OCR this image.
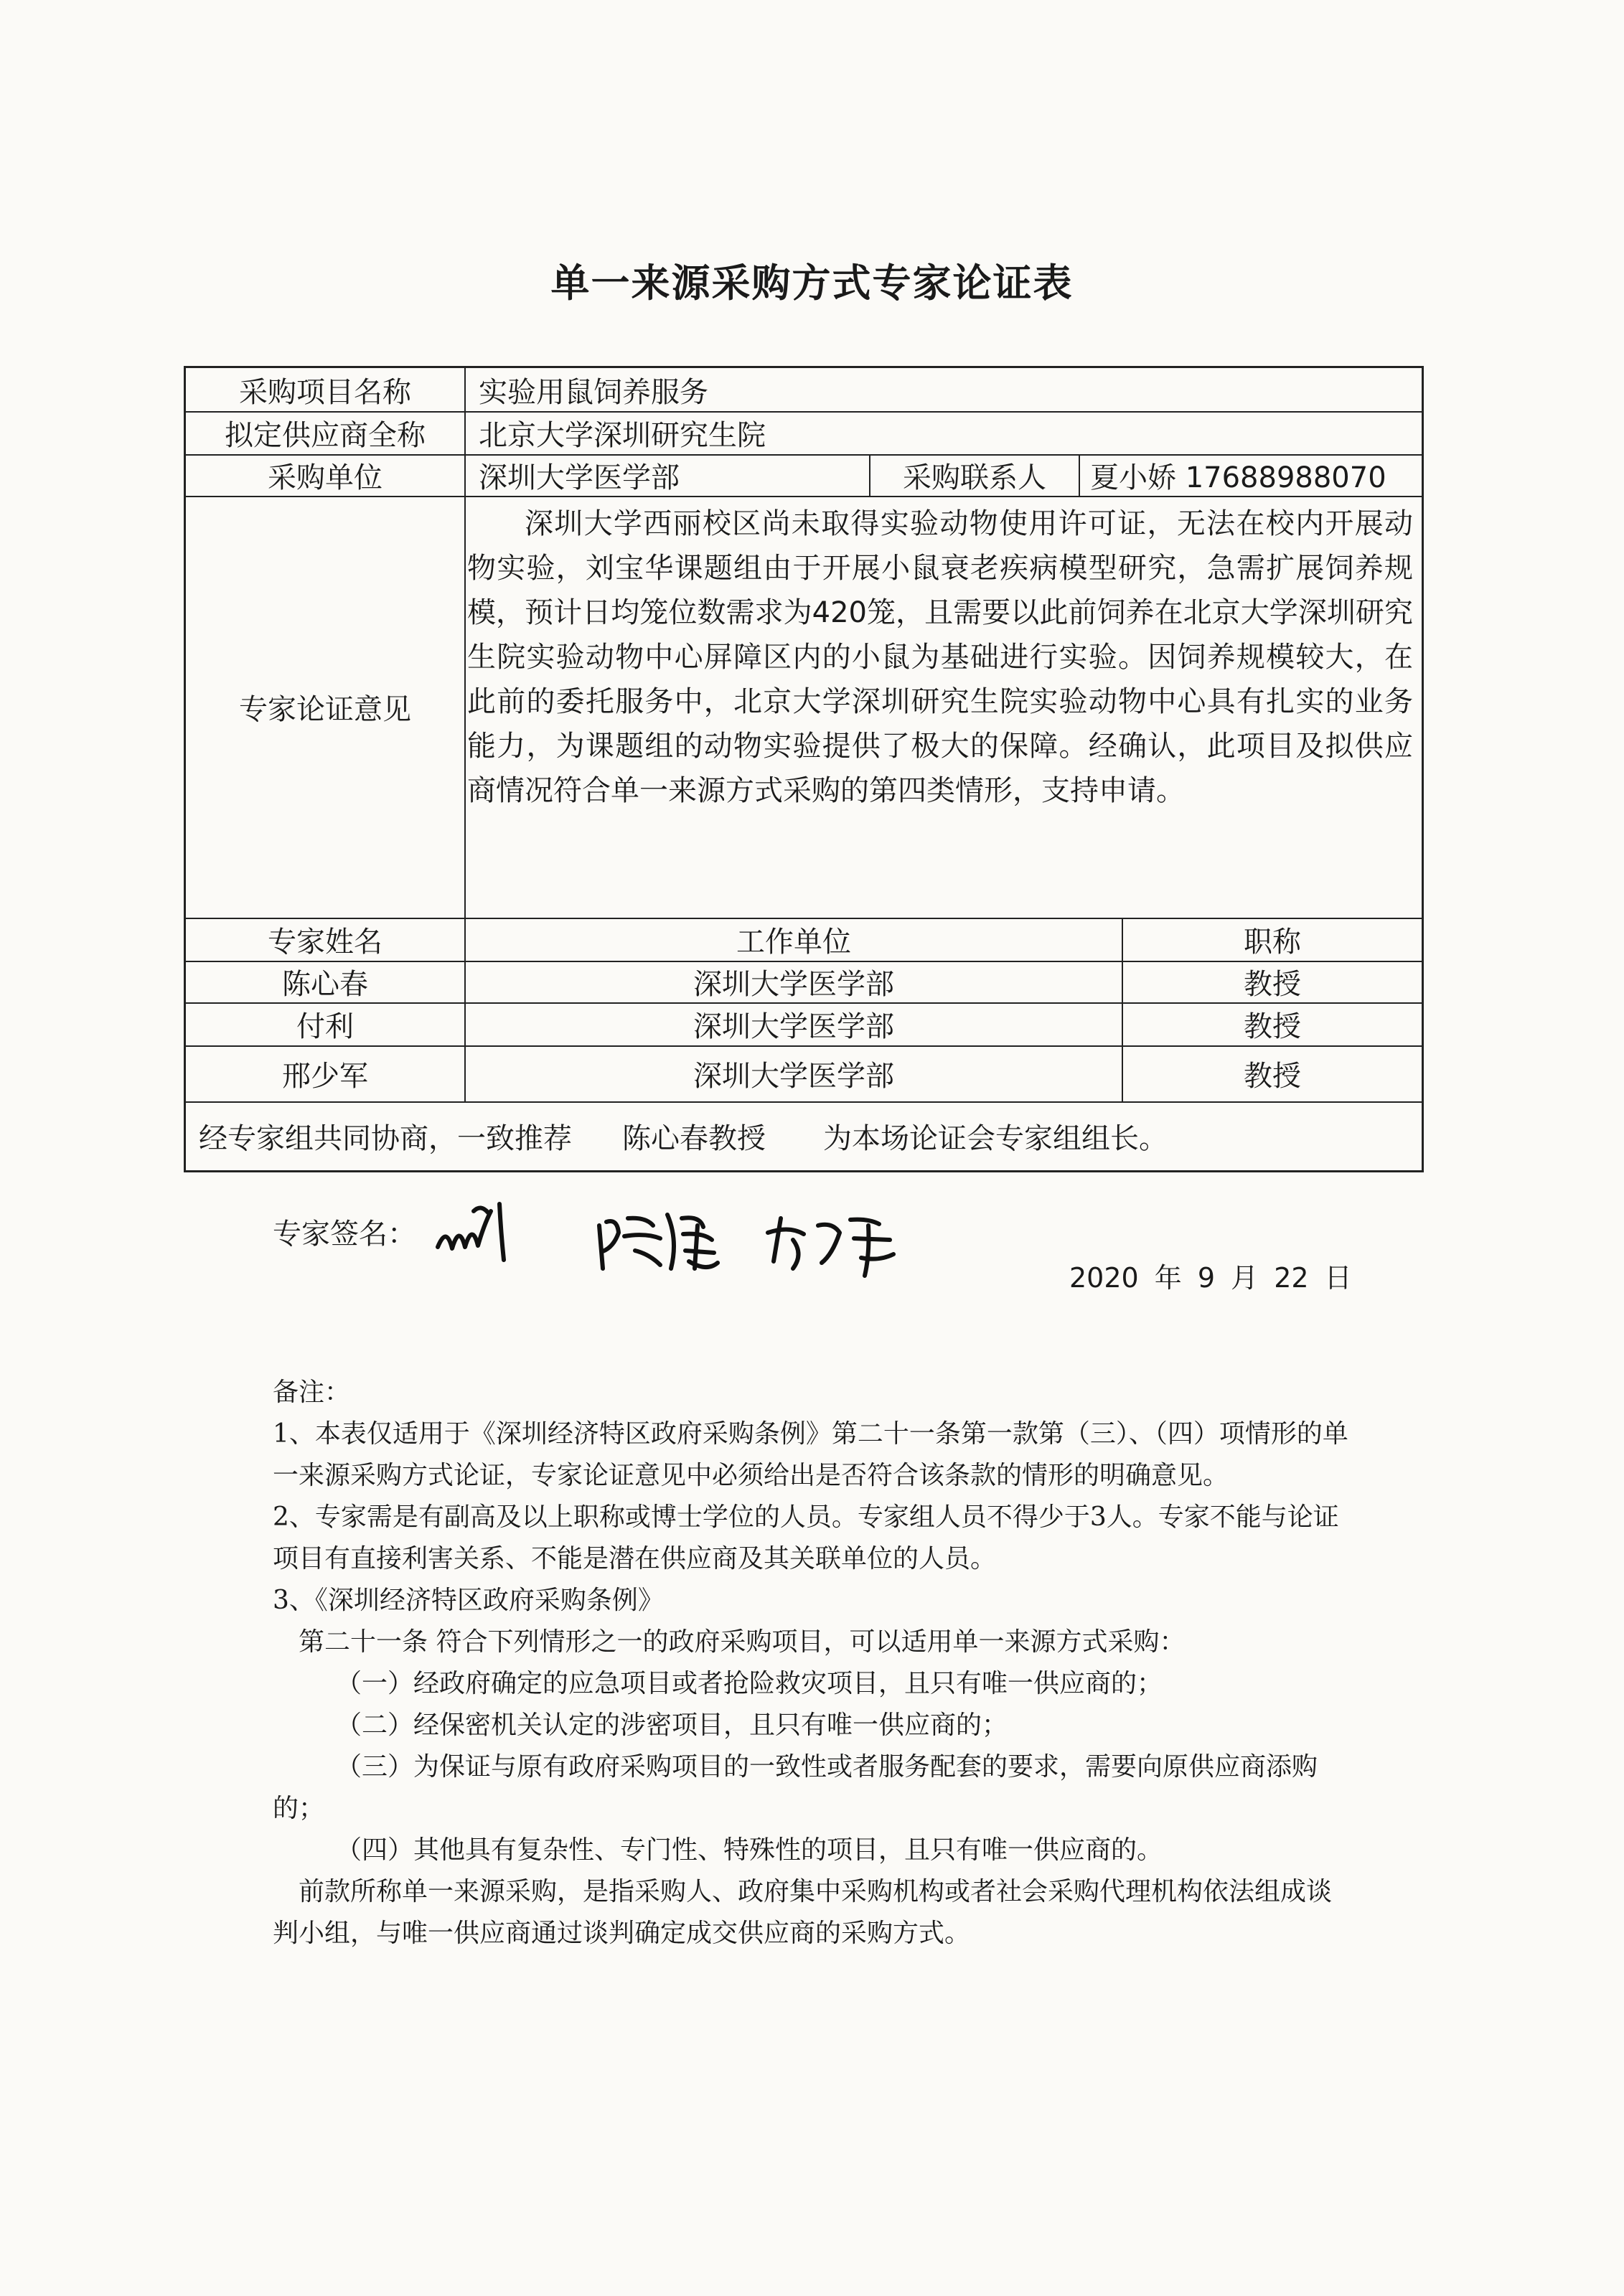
单一来源采购方式专家论证表
采购项目名称	实验用鼠饲养服务
拟定供应商全称	北京大学深圳研究生院
采购单位	深圳大学医学部	采购联系人	夏小娇 17688988070
专家论证意见
深圳大学西丽校区尚未取得实验动物使用许可证，无法在校内开展动物实验，刘宝华课题组由于开展小鼠衰老疾病模型研究，急需扩展饲养规模，预计日均笼位数需求为420笼，且需要以此前饲养在北京大学深圳研究生院实验动物中心屏障区内的小鼠为基础进行实验。因饲养规模较大，在此前的委托服务中，北京大学深圳研究生院实验动物中心具有扎实的业务能力，为课题组的动物实验提供了极大的保障。经确认，此项目及拟供应商情况符合单一来源方式采购的第四类情形，支持申请。
专家姓名	工作单位	职称
陈心春	深圳大学医学部	教授
付利	深圳大学医学部	教授
邢少军	深圳大学医学部	教授
经专家组共同协商，一致推荐 陈心春教授 为本场论证会专家组组长。
专家签名：
2020 年 9 月 22 日

备注：

1、本表仅适用于《深圳经济特区政府采购条例》第二十一条第一款第（三）、（四）项情形的单一来源采购方式论证，专家论证意见中必须给出是否符合该条款的情形的明确意见。

2、专家需是有副高及以上职称或博士学位的人员。专家组人员不得少于3人。专家不能与论证项目有直接利害关系、不能是潜在供应商及其关联单位的人员。

3、《深圳经济特区政府采购条例》

第二十一条 符合下列情形之一的政府采购项目，可以适用单一来源方式采购：

（一）经政府确定的应急项目或者抢险救灾项目，且只有唯一供应商的；

（二）经保密机关认定的涉密项目，且只有唯一供应商的；

（三）为保证与原有政府采购项目的一致性或者服务配套的要求，需要向原供应商添购的；

（四）其他具有复杂性、专门性、特殊性的项目，且只有唯一供应商的。

前款所称单一来源采购，是指采购人、政府集中采购机构或者社会采购代理机构依法组成谈判小组，与唯一供应商通过谈判确定成交供应商的采购方式。
